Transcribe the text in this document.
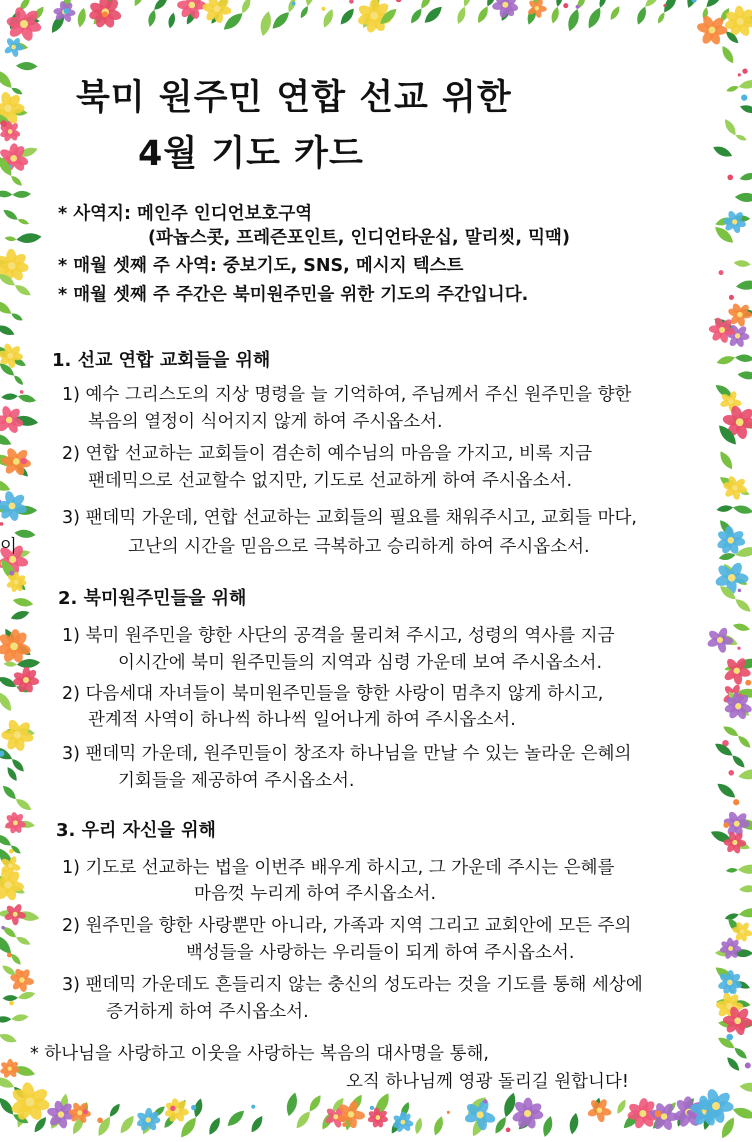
북미 원주민 연합 선교 위한
4월 기도 카드
* 사역지: 메인주 인디언보호구역
(파놉스콧, 프레즌포인트, 인디언타운십, 말리씻, 믹맥)
* 매월 셋째 주 사역: 중보기도, SNS, 메시지 텍스트
* 매월 셋째 주 주간은 북미원주민을 위한 기도의 주간입니다.
1. 선교 연합 교회들을 위해
1) 예수 그리스도의 지상 명령을 늘 기억하여, 주님께서 주신 원주민을 향한
복음의 열정이 식어지지 않게 하여 주시옵소서.
2) 연합 선교하는 교회들이 겸손히 예수님의 마음을 가지고, 비록 지금
팬데믹으로 선교할수 없지만, 기도로 선교하게 하여 주시옵소서.
3) 팬데믹 가운데, 연합 선교하는 교회들의 필요를 채워주시고, 교회들 마다,
고난의 시간을 믿음으로 극복하고 승리하게 하여 주시옵소서.
이
2. 북미원주민들을 위해
1) 북미 원주민을 향한 사단의 공격을 물리쳐 주시고, 성령의 역사를 지금
이시간에 북미 원주민들의 지역과 심령 가운데 보여 주시옵소서.
2) 다음세대 자녀들이 북미원주민들을 향한 사랑이 멈추지 않게 하시고,
관계적 사역이 하나씩 하나씩 일어나게 하여 주시옵소서.
3) 팬데믹 가운데, 원주민들이 창조자 하나님을 만날 수 있는 놀라운 은혜의
기회들을 제공하여 주시옵소서.
3. 우리 자신을 위해
1) 기도로 선교하는 법을 이번주 배우게 하시고, 그 가운데 주시는 은혜를
마음껏 누리게 하여 주시옵소서.
2) 원주민을 향한 사랑뿐만 아니라, 가족과 지역 그리고 교회안에 모든 주의
백성들을 사랑하는 우리들이 되게 하여 주시옵소서.
3) 팬데믹 가운데도 흔들리지 않는 충신의 성도라는 것을 기도를 통해 세상에
증거하게 하여 주시옵소서.
* 하나님을 사랑하고 이웃을 사랑하는 복음의 대사명을 통해,
오직 하나님께 영광 돌리길 원합니다!
